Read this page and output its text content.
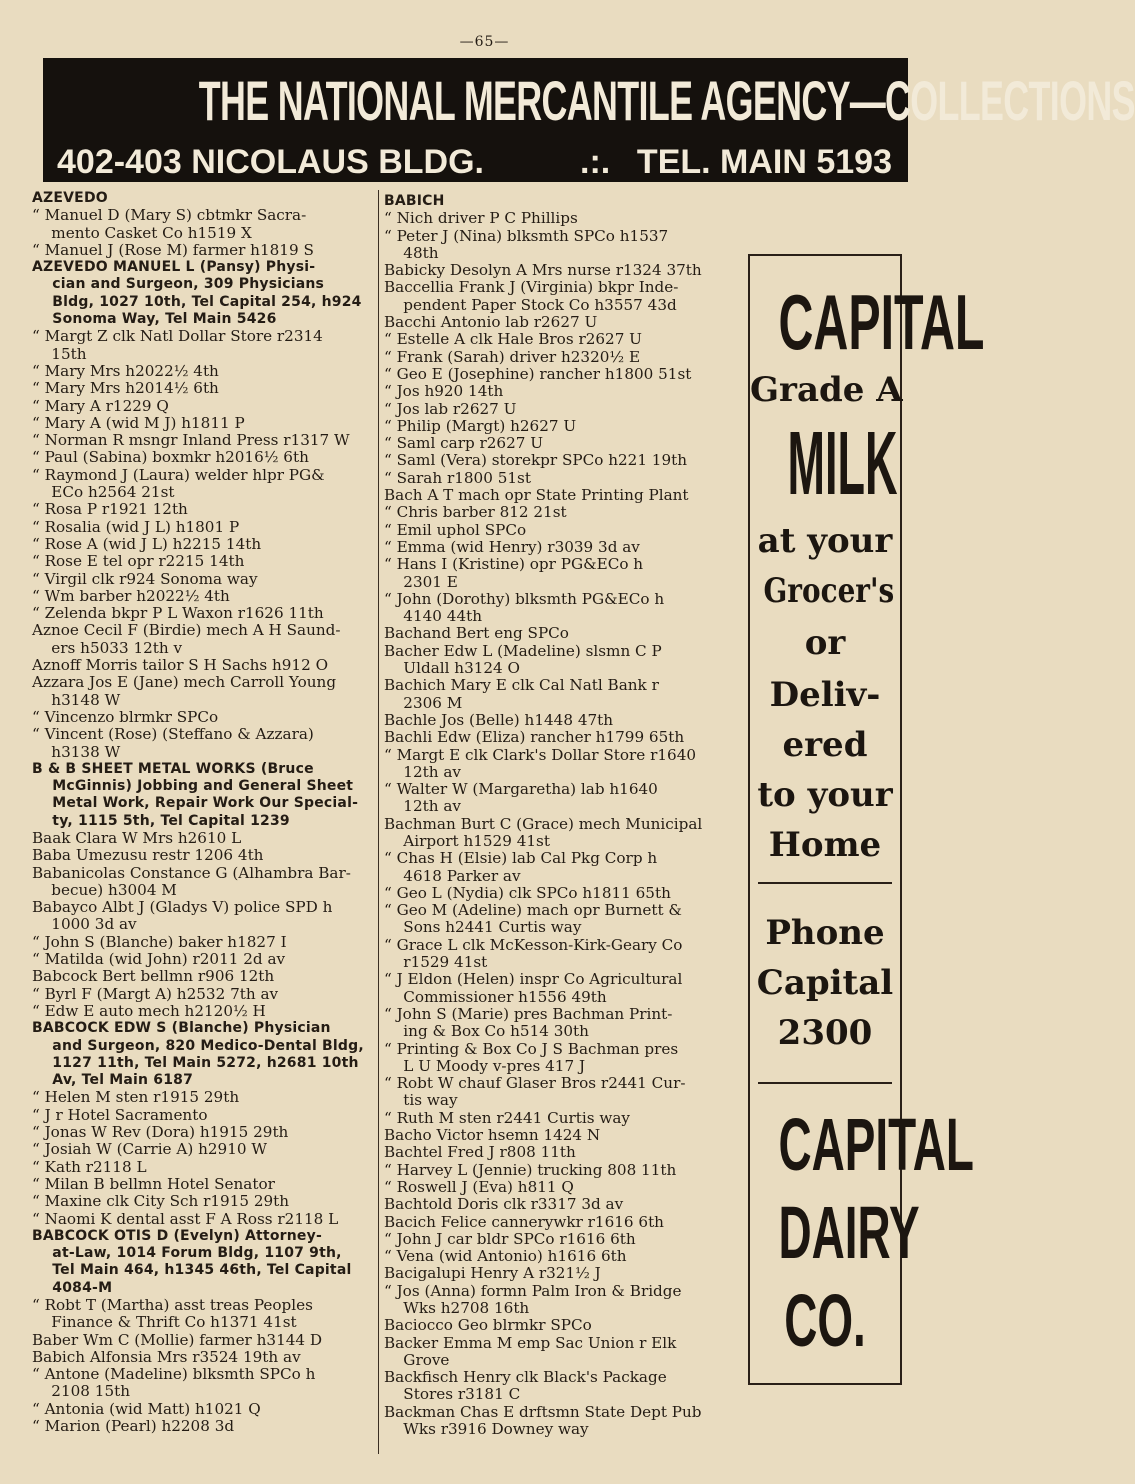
—65—
THE NATIONAL MERCANTILE AGENCY—COLLECTIONS
402-403 NICOLAUS BLDG.	.:. TEL. MAIN 5193
AZEVEDO
“ Manuel D (Mary S) cbtmkr Sacra-
mento Casket Co h1519 X
“ Manuel J (Rose M) farmer h1819 S
AZEVEDO MANUEL L (Pansy) Physi-
cian and Surgeon, 309 Physicians
Bldg, 1027 10th, Tel Capital 254, h924
Sonoma Way, Tel Main 5426
“ Margt Z clk Natl Dollar Store r2314
15th
“ Mary Mrs h2022½ 4th
“ Mary Mrs h2014½ 6th
“ Mary A r1229 Q
“ Mary A (wid M J) h1811 P
“ Norman R msngr Inland Press r1317 W
“ Paul (Sabina) boxmkr h2016½ 6th
“ Raymond J (Laura) welder hlpr PG&
ECo h2564 21st
“ Rosa P r1921 12th
“ Rosalia (wid J L) h1801 P
“ Rose A (wid J L) h2215 14th
“ Rose E tel opr r2215 14th
“ Virgil clk r924 Sonoma way
“ Wm barber h2022½ 4th
“ Zelenda bkpr P L Waxon r1626 11th
Aznoe Cecil F (Birdie) mech A H Saund-
ers h5033 12th v
Aznoff Morris tailor S H Sachs h912 O
Azzara Jos E (Jane) mech Carroll Young
h3148 W
“ Vincenzo blrmkr SPCo
“ Vincent (Rose) (Steffano & Azzara)
h3138 W
B & B SHEET METAL WORKS (Bruce
McGinnis) Jobbing and General Sheet
Metal Work, Repair Work Our Special-
ty, 1115 5th, Tel Capital 1239
Baak Clara W Mrs h2610 L
Baba Umezusu restr 1206 4th
Babanicolas Constance G (Alhambra Bar-
becue) h3004 M
Babayco Albt J (Gladys V) police SPD h
1000 3d av
“ John S (Blanche) baker h1827 I
“ Matilda (wid John) r2011 2d av
Babcock Bert bellmn r906 12th
“ Byrl F (Margt A) h2532 7th av
“ Edw E auto mech h2120½ H
BABCOCK EDW S (Blanche) Physician
and Surgeon, 820 Medico-Dental Bldg,
1127 11th, Tel Main 5272, h2681 10th
Av, Tel Main 6187
“ Helen M sten r1915 29th
“ J r Hotel Sacramento
“ Jonas W Rev (Dora) h1915 29th
“ Josiah W (Carrie A) h2910 W
“ Kath r2118 L
“ Milan B bellmn Hotel Senator
“ Maxine clk City Sch r1915 29th
“ Naomi K dental asst F A Ross r2118 L
BABCOCK OTIS D (Evelyn) Attorney-
at-Law, 1014 Forum Bldg, 1107 9th,
Tel Main 464, h1345 46th, Tel Capital
4084-M
“ Robt T (Martha) asst treas Peoples
Finance & Thrift Co h1371 41st
Baber Wm C (Mollie) farmer h3144 D
Babich Alfonsia Mrs r3524 19th av
“ Antone (Madeline) blksmth SPCo h
2108 15th
“ Antonia (wid Matt) h1021 Q
“ Marion (Pearl) h2208 3d
BABICH
“ Nich driver P C Phillips
“ Peter J (Nina) blksmth SPCo h1537
48th
Babicky Desolyn A Mrs nurse r1324 37th
Baccellia Frank J (Virginia) bkpr Inde-
pendent Paper Stock Co h3557 43d
Bacchi Antonio lab r2627 U
“ Estelle A clk Hale Bros r2627 U
“ Frank (Sarah) driver h2320½ E
“ Geo E (Josephine) rancher h1800 51st
“ Jos h920 14th
“ Jos lab r2627 U
“ Philip (Margt) h2627 U
“ Saml carp r2627 U
“ Saml (Vera) storekpr SPCo h221 19th
“ Sarah r1800 51st
Bach A T mach opr State Printing Plant
“ Chris barber 812 21st
“ Emil uphol SPCo
“ Emma (wid Henry) r3039 3d av
“ Hans I (Kristine) opr PG&ECo h
2301 E
“ John (Dorothy) blksmth PG&ECo h
4140 44th
Bachand Bert eng SPCo
Bacher Edw L (Madeline) slsmn C P
Uldall h3124 O
Bachich Mary E clk Cal Natl Bank r
2306 M
Bachle Jos (Belle) h1448 47th
Bachli Edw (Eliza) rancher h1799 65th
“ Margt E clk Clark's Dollar Store r1640
12th av
“ Walter W (Margaretha) lab h1640
12th av
Bachman Burt C (Grace) mech Municipal
Airport h1529 41st
“ Chas H (Elsie) lab Cal Pkg Corp h
4618 Parker av
“ Geo L (Nydia) clk SPCo h1811 65th
“ Geo M (Adeline) mach opr Burnett &
Sons h2441 Curtis way
“ Grace L clk McKesson-Kirk-Geary Co
r1529 41st
“ J Eldon (Helen) inspr Co Agricultural
Commissioner h1556 49th
“ John S (Marie) pres Bachman Print-
ing & Box Co h514 30th
“ Printing & Box Co J S Bachman pres
L U Moody v-pres 417 J
“ Robt W chauf Glaser Bros r2441 Cur-
tis way
“ Ruth M sten r2441 Curtis way
Bacho Victor hsemn 1424 N
Bachtel Fred J r808 11th
“ Harvey L (Jennie) trucking 808 11th
“ Roswell J (Eva) h811 Q
Bachtold Doris clk r3317 3d av
Bacich Felice cannerywkr r1616 6th
“ John J car bldr SPCo r1616 6th
“ Vena (wid Antonio) h1616 6th
Bacigalupi Henry A r321½ J
“ Jos (Anna) formn Palm Iron & Bridge
Wks h2708 16th
Baciocco Geo blrmkr SPCo
Backer Emma M emp Sac Union r Elk
Grove
Backfisch Henry clk Black's Package
Stores r3181 C
Backman Chas E drftsmn State Dept Pub
Wks r3916 Downey way
CAPITAL
Grade A
MILK
at your
Grocer's
or
Deliv-
ered
to your
Home
Phone
Capital
2300
CAPITAL
DAIRY
CO.
